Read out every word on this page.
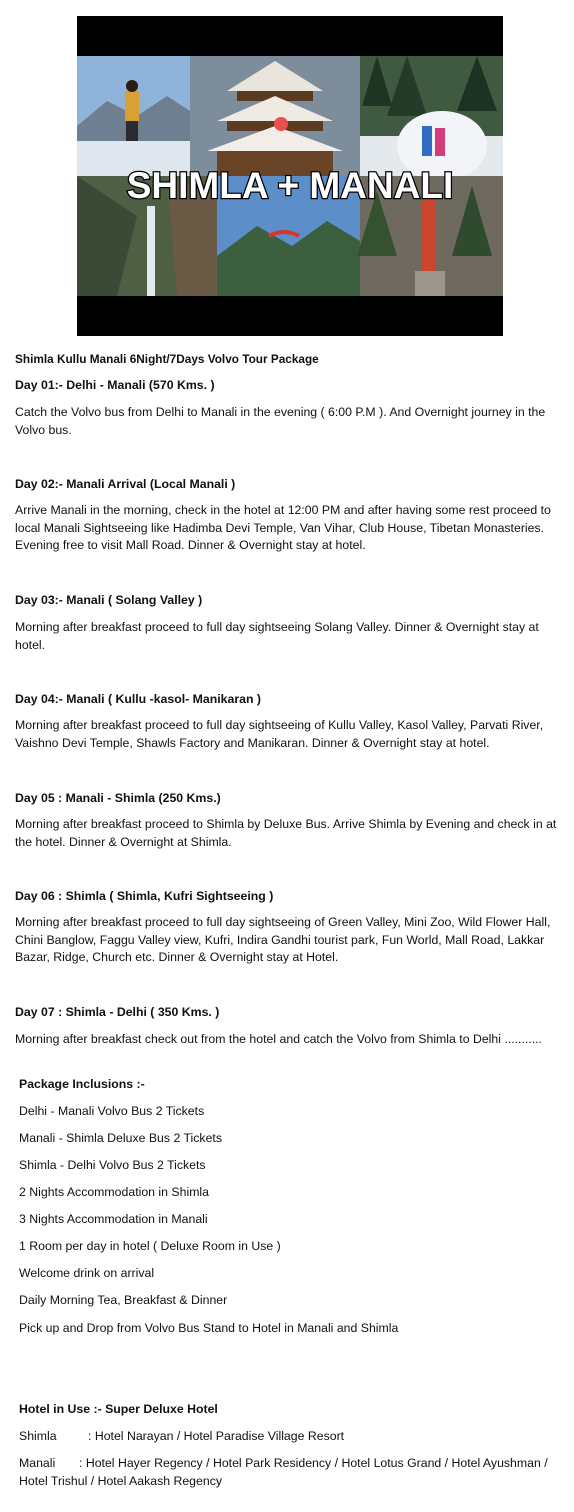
SHIMLA + MANALI

Shimla Kullu Manali 6Night/7Days Volvo Tour Package

Day 01:- Delhi - Manali (570 Kms. )

Catch the Volvo bus from Delhi to Manali in the evening ( 6:00 P.M ). And Overnight journey in the Volvo bus.

Day 02:- Manali Arrival (Local Manali )

Arrive Manali in the morning, check in the hotel at 12:00 PM and after having some rest proceed to local Manali Sightseeing like Hadimba Devi Temple, Van Vihar, Club House, Tibetan Monasteries. Evening free to visit Mall Road. Dinner & Overnight stay at hotel.

Day 03:- Manali ( Solang Valley )

Morning after breakfast proceed to full day sightseeing Solang Valley. Dinner & Overnight stay at hotel.

Day 04:- Manali ( Kullu -kasol- Manikaran )

Morning after breakfast proceed to full day sightseeing of Kullu Valley, Kasol Valley, Parvati River, Vaishno Devi Temple, Shawls Factory and Manikaran. Dinner & Overnight stay at hotel.

Day 05 : Manali - Shimla (250 Kms.)

Morning after breakfast proceed to Shimla by Deluxe Bus. Arrive Shimla by Evening and check in at the hotel. Dinner & Overnight at Shimla.

Day 06 : Shimla ( Shimla, Kufri Sightseeing )

Morning after breakfast proceed to full day sightseeing of Green Valley, Mini Zoo, Wild Flower Hall, Chini Banglow, Faggu Valley view, Kufri, Indira Gandhi tourist park, Fun World, Mall Road, Lakkar Bazar, Ridge, Church etc. Dinner & Overnight stay at Hotel.

Day 07 : Shimla - Delhi ( 350 Kms. )

Morning after breakfast check out from the hotel and catch the Volvo from Shimla to Delhi ...........

Package Inclusions :-

Delhi - Manali Volvo Bus 2 Tickets

Manali - Shimla Deluxe Bus 2 Tickets

Shimla - Delhi Volvo Bus 2 Tickets

2 Nights Accommodation in Shimla

3 Nights Accommodation in Manali

1 Room per day in hotel ( Deluxe Room in Use )

Welcome drink on arrival

Daily Morning Tea, Breakfast & Dinner

Pick up and Drop from Volvo Bus Stand to Hotel in Manali and Shimla

Hotel in Use :- Super Deluxe Hotel

Shimla	: Hotel Narayan / Hotel Paradise Village Resort

Manali	: Hotel Hayer Regency / Hotel Park Residency / Hotel Lotus Grand / Hotel Ayushman / Hotel Trishul / Hotel Aakash Regency
